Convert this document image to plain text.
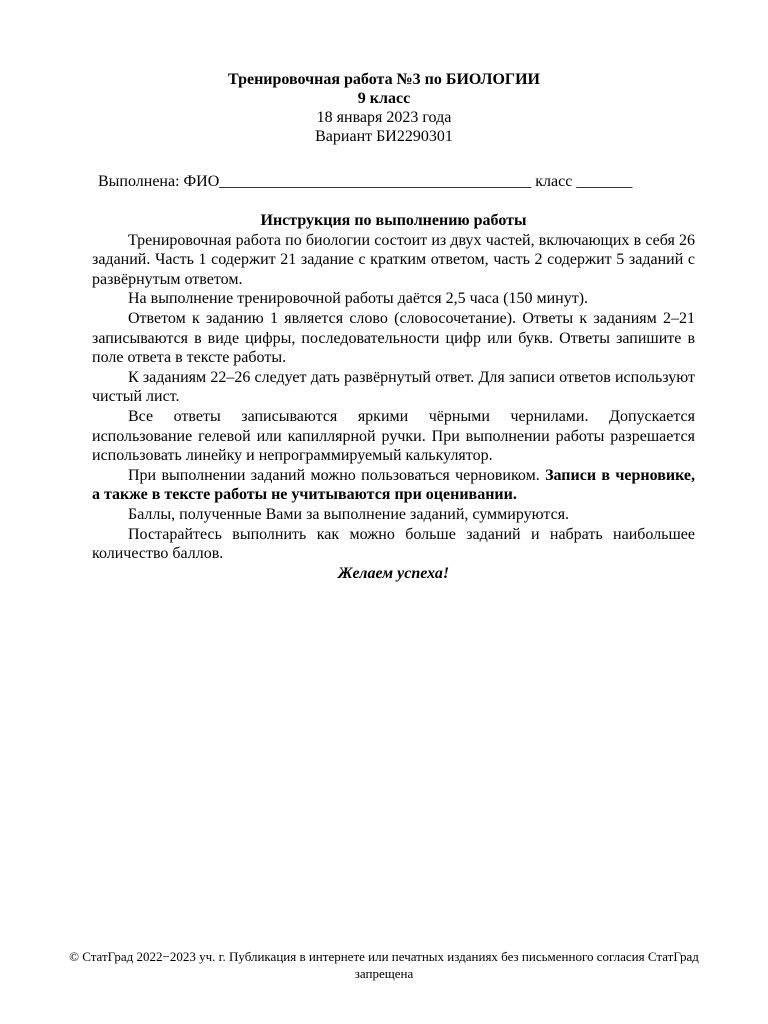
Тренировочная работа №3 по БИОЛОГИИ
9 класс
18 января 2023 года
Вариант БИ2290301
Выполнена: ФИО_______________________________________ класс _______

Инструкция по выполнению работы

Тренировочная работа по биологии состоит из двух частей, включающих в себя 26 заданий. Часть 1 содержит 21 задание с кратким ответом, часть 2 содержит 5 заданий с развёрнутым ответом.

На выполнение тренировочной работы даётся 2,5 часа (150 минут).

Ответом к заданию 1 является слово (словосочетание). Ответы к заданиям 2–21 записываются в виде цифры, последовательности цифр или букв. Ответы запишите в поле ответа в тексте работы.

К заданиям 22–26 следует дать развёрнутый ответ. Для записи ответов используют чистый лист.

Все ответы записываются яркими чёрными чернилами. Допускается использование гелевой или капиллярной ручки. При выполнении работы разрешается использовать линейку и непрограммируемый калькулятор.

При выполнении заданий можно пользоваться черновиком. Записи в черновике, а также в тексте работы не учитываются при оценивании.

Баллы, полученные Вами за выполнение заданий, суммируются.

Постарайтесь выполнить как можно больше заданий и набрать наибольшее количество баллов.

Желаем успеха!

© СтатГрад 2022−2023 уч. г. Публикация в интернете или печатных изданиях без письменного согласия СтатГрад запрещена
